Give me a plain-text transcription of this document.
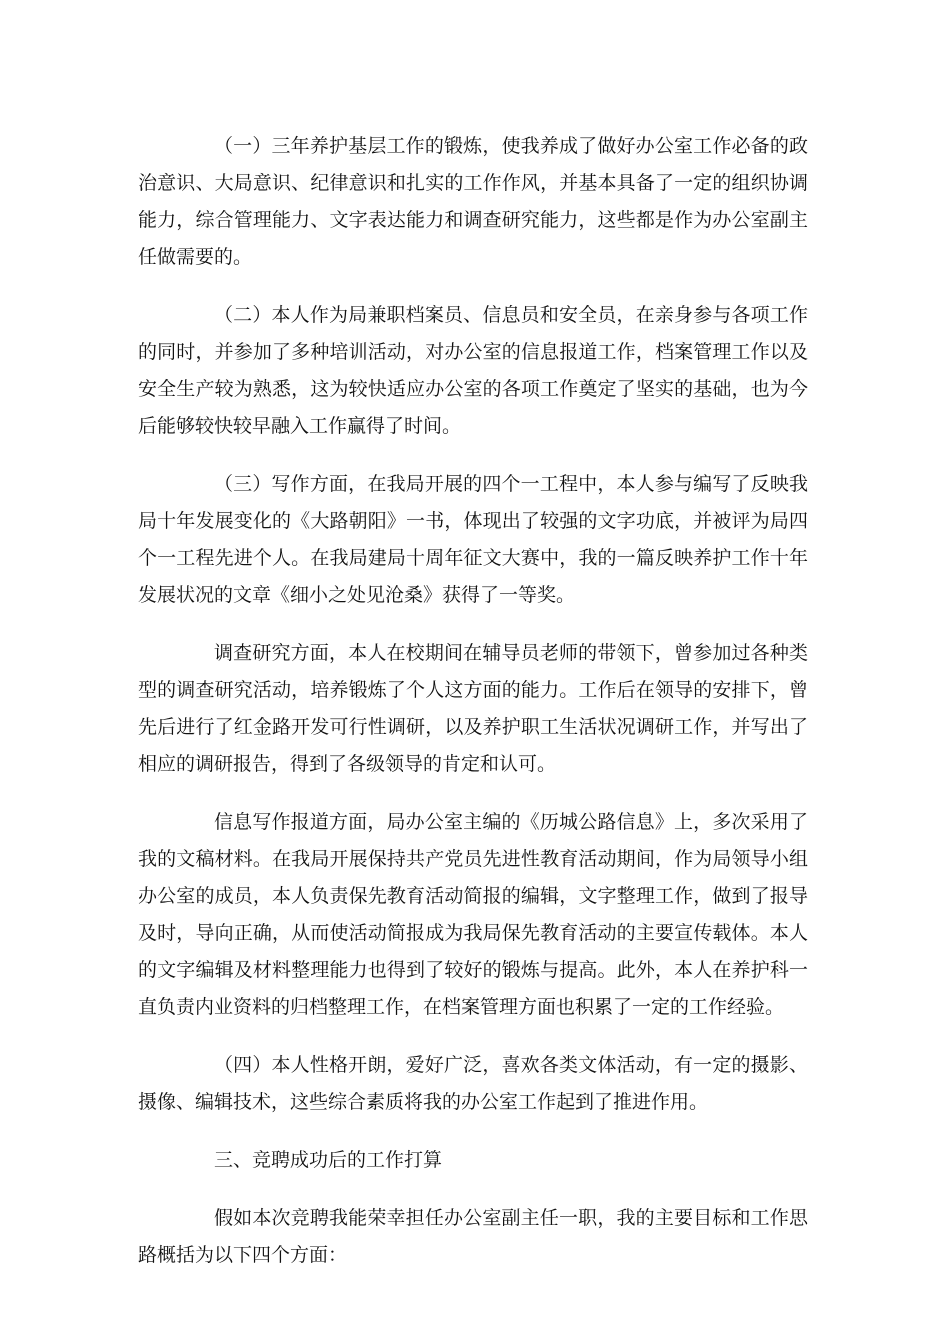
（一）三年养护基层工作的锻炼，使我养成了做好办公室工作必备的政
治意识、大局意识、纪律意识和扎实的工作作风，并基本具备了一定的组织协调
能力，综合管理能力、文字表达能力和调查研究能力，这些都是作为办公室副主
任做需要的。
（二）本人作为局兼职档案员、信息员和安全员，在亲身参与各项工作
的同时，并参加了多种培训活动，对办公室的信息报道工作，档案管理工作以及
安全生产较为熟悉，这为较快适应办公室的各项工作奠定了坚实的基础，也为今
后能够较快较早融入工作赢得了时间。
（三）写作方面，在我局开展的四个一工程中，本人参与编写了反映我
局十年发展变化的《大路朝阳》一书，体现出了较强的文字功底，并被评为局四
个一工程先进个人。在我局建局十周年征文大赛中，我的一篇反映养护工作十年
发展状况的文章《细小之处见沧桑》获得了一等奖。
调查研究方面，本人在校期间在辅导员老师的带领下，曾参加过各种类
型的调查研究活动，培养锻炼了个人这方面的能力。工作后在领导的安排下，曾
先后进行了红金路开发可行性调研，以及养护职工生活状况调研工作，并写出了
相应的调研报告，得到了各级领导的肯定和认可。
信息写作报道方面，局办公室主编的《历城公路信息》上，多次采用了
我的文稿材料。在我局开展保持共产党员先进性教育活动期间，作为局领导小组
办公室的成员，本人负责保先教育活动简报的编辑，文字整理工作，做到了报导
及时，导向正确，从而使活动简报成为我局保先教育活动的主要宣传载体。本人
的文字编辑及材料整理能力也得到了较好的锻炼与提高。此外，本人在养护科一
直负责内业资料的归档整理工作，在档案管理方面也积累了一定的工作经验。
（四）本人性格开朗，爱好广泛，喜欢各类文体活动，有一定的摄影、
摄像、编辑技术，这些综合素质将我的办公室工作起到了推进作用。
三、竞聘成功后的工作打算
假如本次竞聘我能荣幸担任办公室副主任一职，我的主要目标和工作思
路概括为以下四个方面：
